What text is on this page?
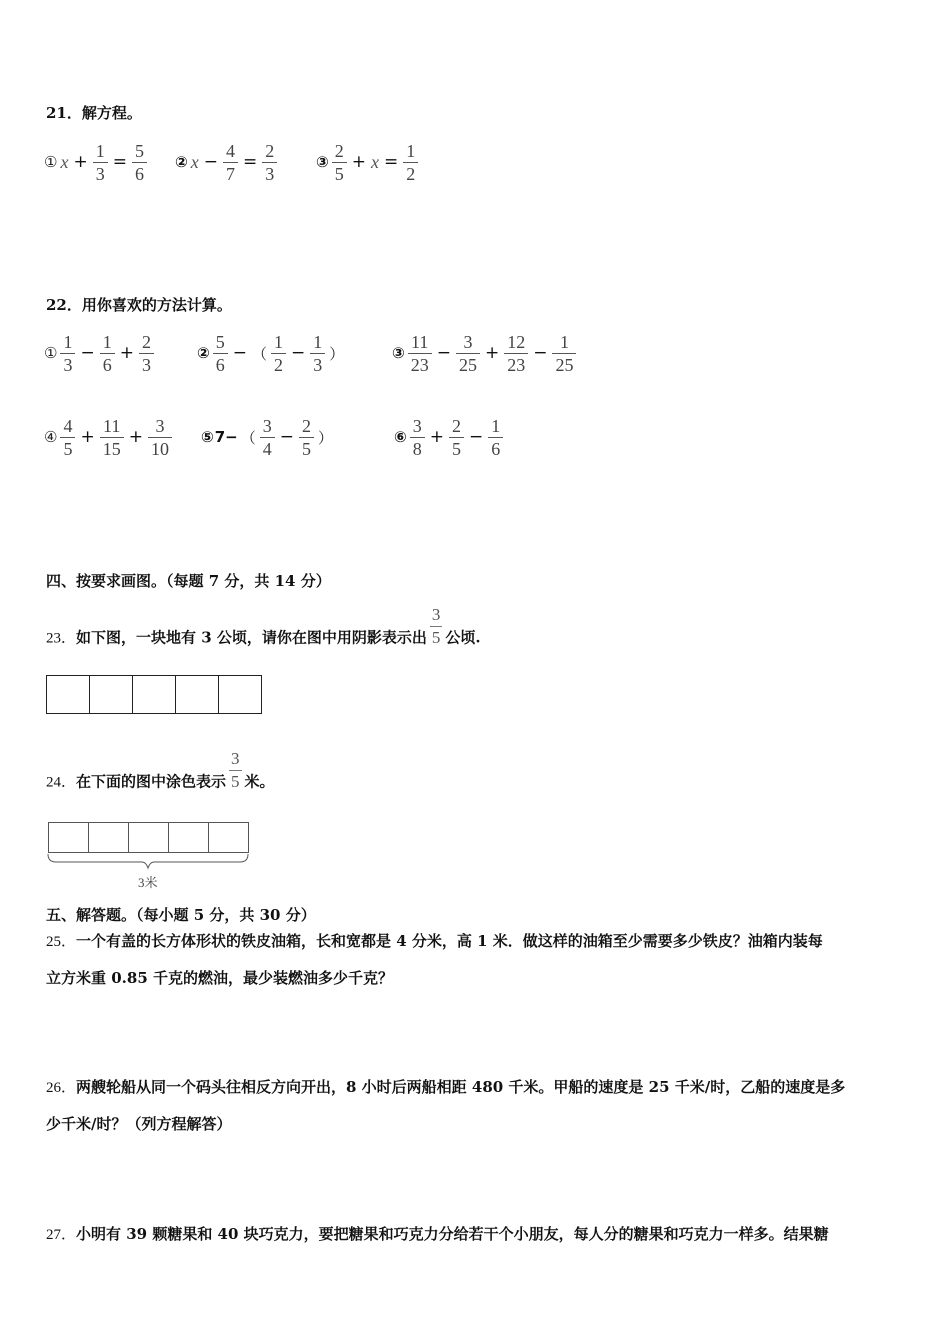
21．解方程。
① $x + \frac{1}{3} = \frac{5}{6}$ ② $x - \frac{4}{7} = \frac{2}{3}$	③ $\frac{2}{5} + x = \frac{1}{2}$
22．用你喜欢的方法计算。
① $\frac{1}{3} - \frac{1}{6} + \frac{2}{3}$	② $\frac{5}{6}$ − （ $\frac{1}{2} - \frac{1}{3}$ ）	③ $\frac{11}{23} - \frac{3}{25} + \frac{12}{23} - \frac{1}{25}$
④ $\frac{4}{5} + \frac{11}{15} + \frac{3}{10}$ ⑤ 7− （ $\frac{3}{4} - \frac{2}{5}$ ）	⑥ $\frac{3}{8} + \frac{2}{5} - \frac{1}{6}$
四、按要求画图。（每题 7 分，共 14 分）
23．如下图，一块地有 3 公顷，请你在图中用阴影表示出 $\frac{3}{5}$ 公顷.
24．在下面的图中涂色表示 $\frac{3}{5}$ 米。
3米
五、解答题。（每小题 5 分，共 30 分）
25．一个有盖的长方体形状的铁皮油箱，长和宽都是 4 分米，高 1 米．做这样的油箱至少需要多少铁皮？油箱内装每
立方米重 0.85 千克的燃油，最少装燃油多少千克？
26．两艘轮船从同一个码头往相反方向开出，8 小时后两船相距 480 千米。甲船的速度是 25 千米/时，乙船的速度是多
少千米/时？（列方程解答）
27．小明有 39 颗糖果和 40 块巧克力，要把糖果和巧克力分给若干个小朋友，每人分的糖果和巧克力一样多。结果糖
